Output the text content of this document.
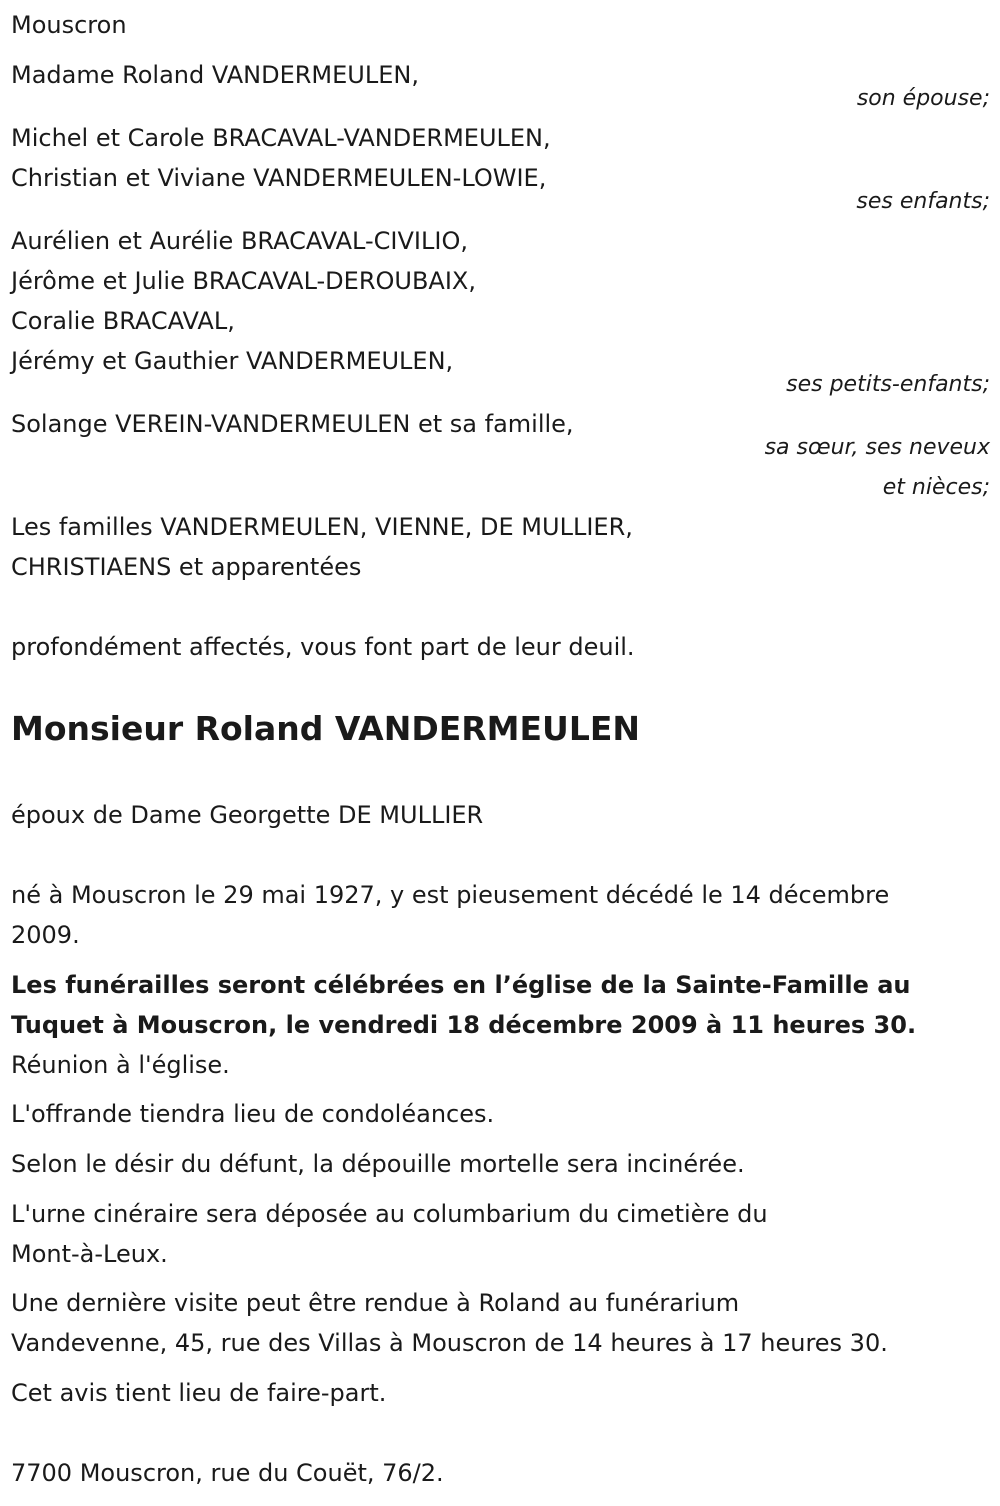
Mouscron
Madame Roland VANDERMEULEN,
son épouse;
Michel et Carole BRACAVAL-VANDERMEULEN,
Christian et Viviane VANDERMEULEN-LOWIE,
ses enfants;
Aurélien et Aurélie BRACAVAL-CIVILIO,
Jérôme et Julie BRACAVAL-DEROUBAIX,
Coralie BRACAVAL,
Jérémy et Gauthier VANDERMEULEN,
ses petits-enfants;
Solange VEREIN-VANDERMEULEN et sa famille,
sa sœur, ses neveux
et nièces;
Les familles VANDERMEULEN, VIENNE, DE MULLIER,
CHRISTIAENS et apparentées
profondément affectés, vous font part de leur deuil.
Monsieur Roland VANDERMEULEN
époux de Dame Georgette DE MULLIER
né à Mouscron le 29 mai 1927, y est pieusement décédé le 14 décembre
2009.
Les funérailles seront célébrées en l’église de la Sainte-Famille au
Tuquet à Mouscron, le vendredi 18 décembre 2009 à 11 heures 30.
Réunion à l'église.
L'offrande tiendra lieu de condoléances.
Selon le désir du défunt, la dépouille mortelle sera incinérée.
L'urne cinéraire sera déposée au columbarium du cimetière du
Mont-à-Leux.
Une dernière visite peut être rendue à Roland au funérarium
Vandevenne, 45, rue des Villas à Mouscron de 14 heures à 17 heures 30.
Cet avis tient lieu de faire-part.
7700 Mouscron, rue du Couët, 76/2.
